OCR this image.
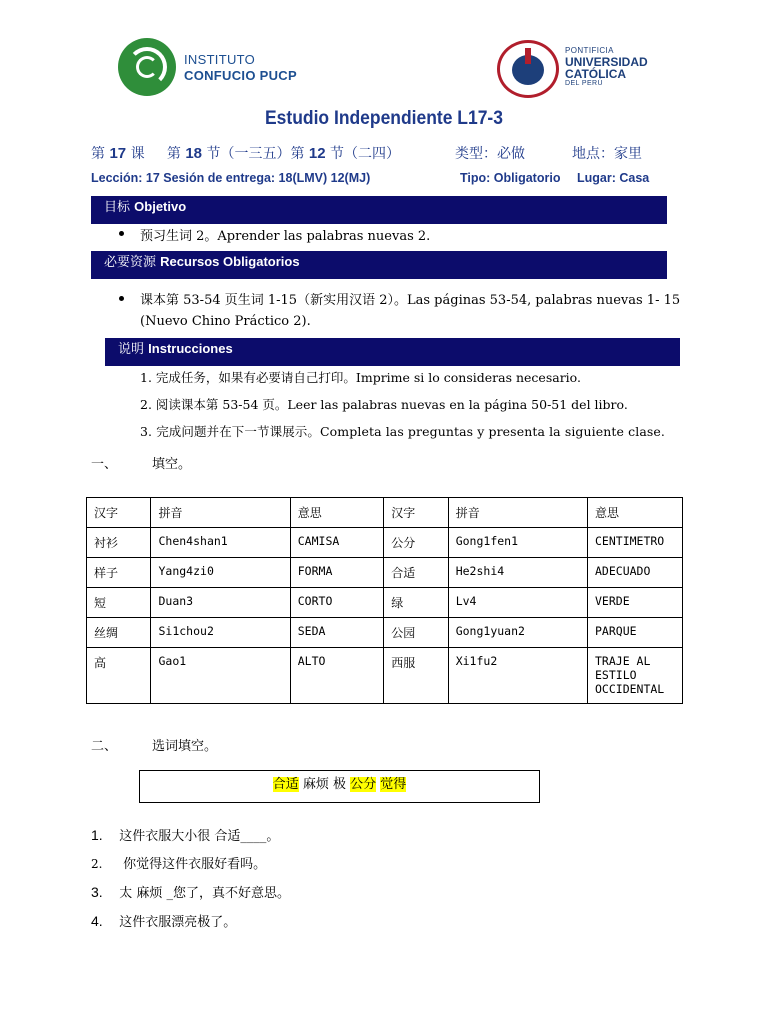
INSTITUTO
CONFUCIO PUCP
PONTIFICIA
UNIVERSIDAD
CATÓLICA
DEL PERÚ
Estudio Independiente L17-3
第 17 课 第 18 节（一三五）第 12 节（二四）	类型：必做	地点：家里
Lección: 17 Sesión de entrega: 18(LMV) 12(MJ)	Tipo: Obligatorio Lugar: Casa
目标 Objetivo
预习生词 2。Aprender las palabras nuevas 2.
必要资源 Recursos Obligatorios
课本第 53-54 页生词 1-15（新实用汉语 2）。Las páginas 53-54, palabras nuevas 1- 15
(Nuevo Chino Práctico 2).
说明 Instrucciones
1. 完成任务，如果有必要请自己打印。Imprime si lo consideras necesario.
2. 阅读课本第 53-54 页。Leer las palabras nuevas en la página 50-51 del libro.
3. 完成问题并在下一节课展示。Completa las preguntas y presenta la siguiente clase.
一、	填空。
汉字	拼音	意思	汉字	拼音	意思
衬衫	Chen4shan1	CAMISA	公分	Gong1fen1	CENTIMETRO
样子	Yang4zi0	FORMA	合适	He2shi4	ADECUADO
短	Duan3	CORTO	绿	Lv4	VERDE
丝绸	Si1chou2	SEDA	公园	Gong1yuan2	PARQUE
高	Gao1	ALTO	西服	Xi1fu2	TRAJE AL ESTILO OCCIDENTAL
二、	选词填空。
合适 麻烦 极 公分 觉得
1. 这件衣服大小很 合适____。
2. 你觉得这件衣服好看吗。
3. 太 麻烦 _您了，真不好意思。
4. 这件衣服漂亮极了。
